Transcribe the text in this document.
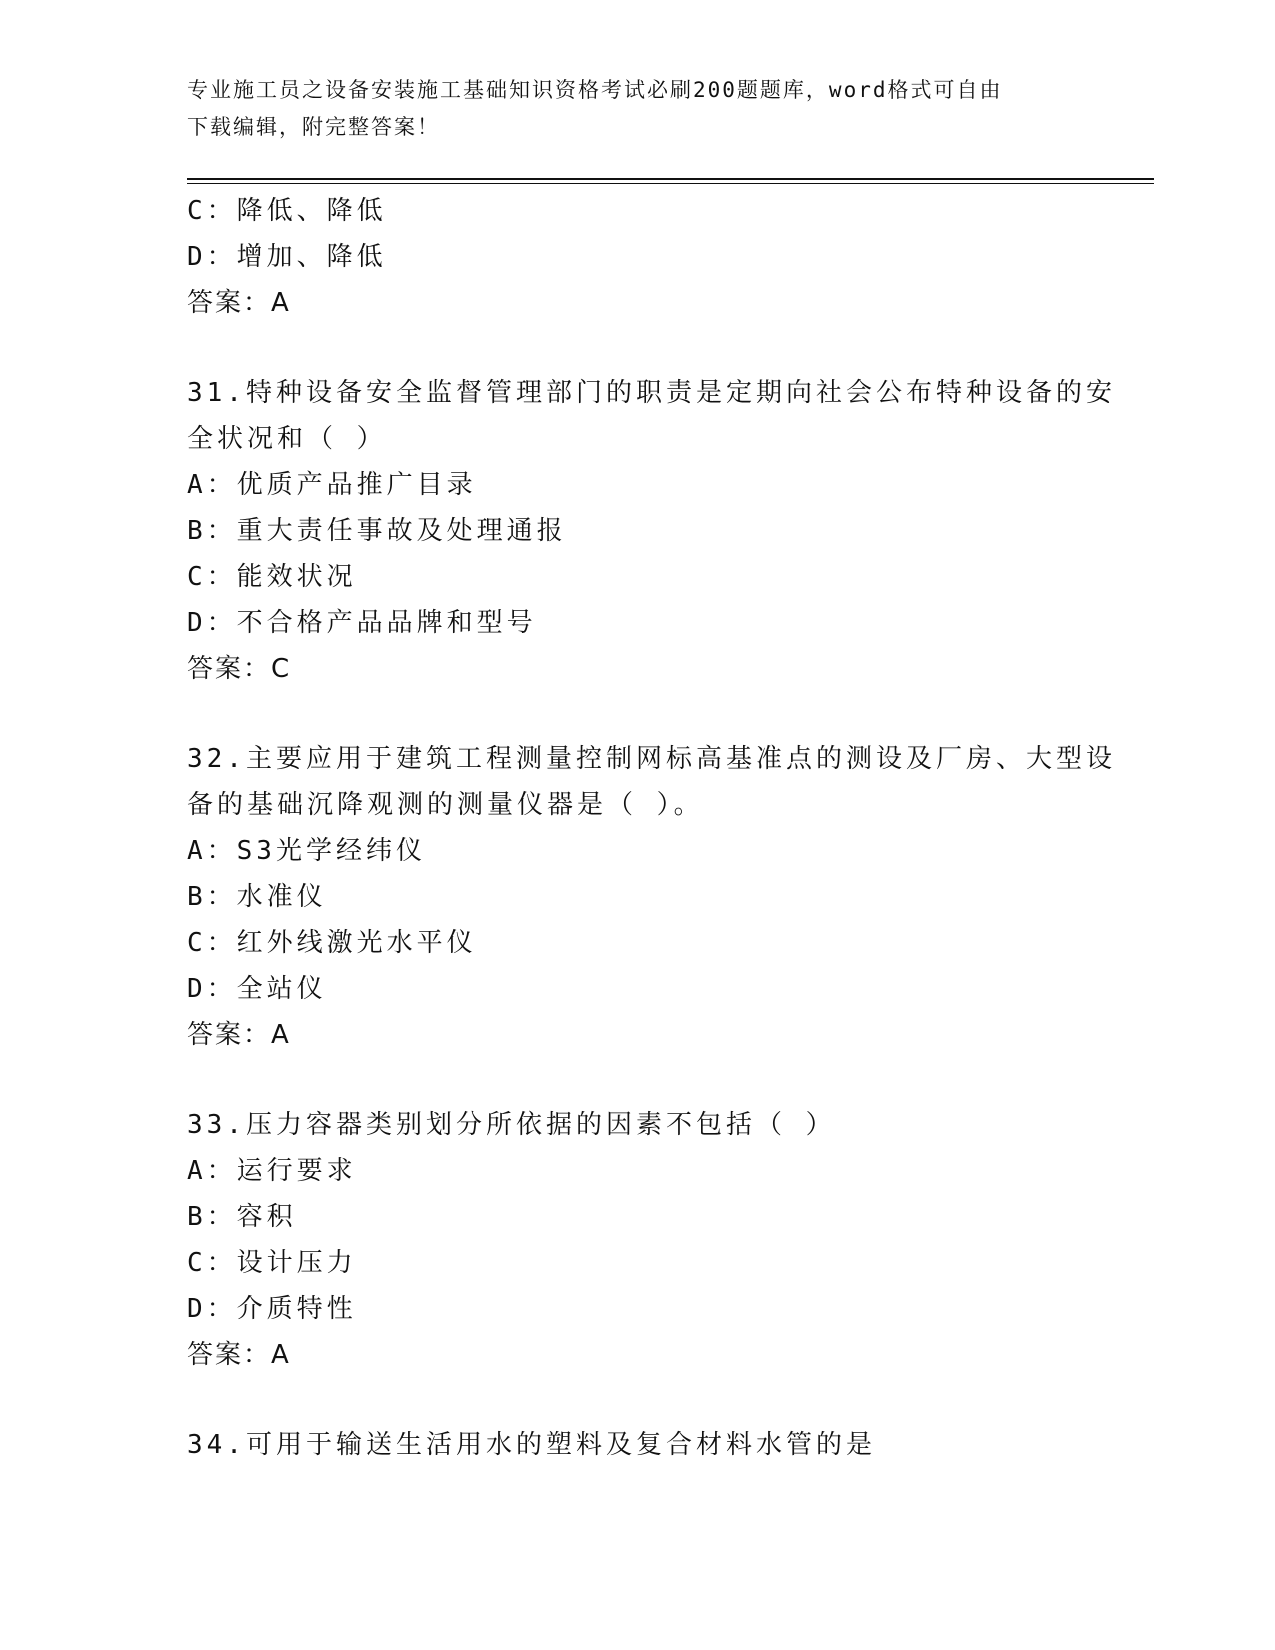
专业施工员之设备安装施工基础知识资格考试必刷200题题库，word格式可自由
下载编辑，附完整答案！
C：降低、降低
D：增加、降低
答案：A
31.特种设备安全监督管理部门的职责是定期向社会公布特种设备的安
全状况和（ ）
A：优质产品推广目录
B：重大责任事故及处理通报
C：能效状况
D：不合格产品品牌和型号
答案：C
32.主要应用于建筑工程测量控制网标高基准点的测设及厂房、大型设
备的基础沉降观测的测量仪器是（ ）。
A：S3光学经纬仪
B：水准仪
C：红外线激光水平仪
D：全站仪
答案：A
33.压力容器类别划分所依据的因素不包括（ ）
A：运行要求
B：容积
C：设计压力
D：介质特性
答案：A
34.可用于输送生活用水的塑料及复合材料水管的是
